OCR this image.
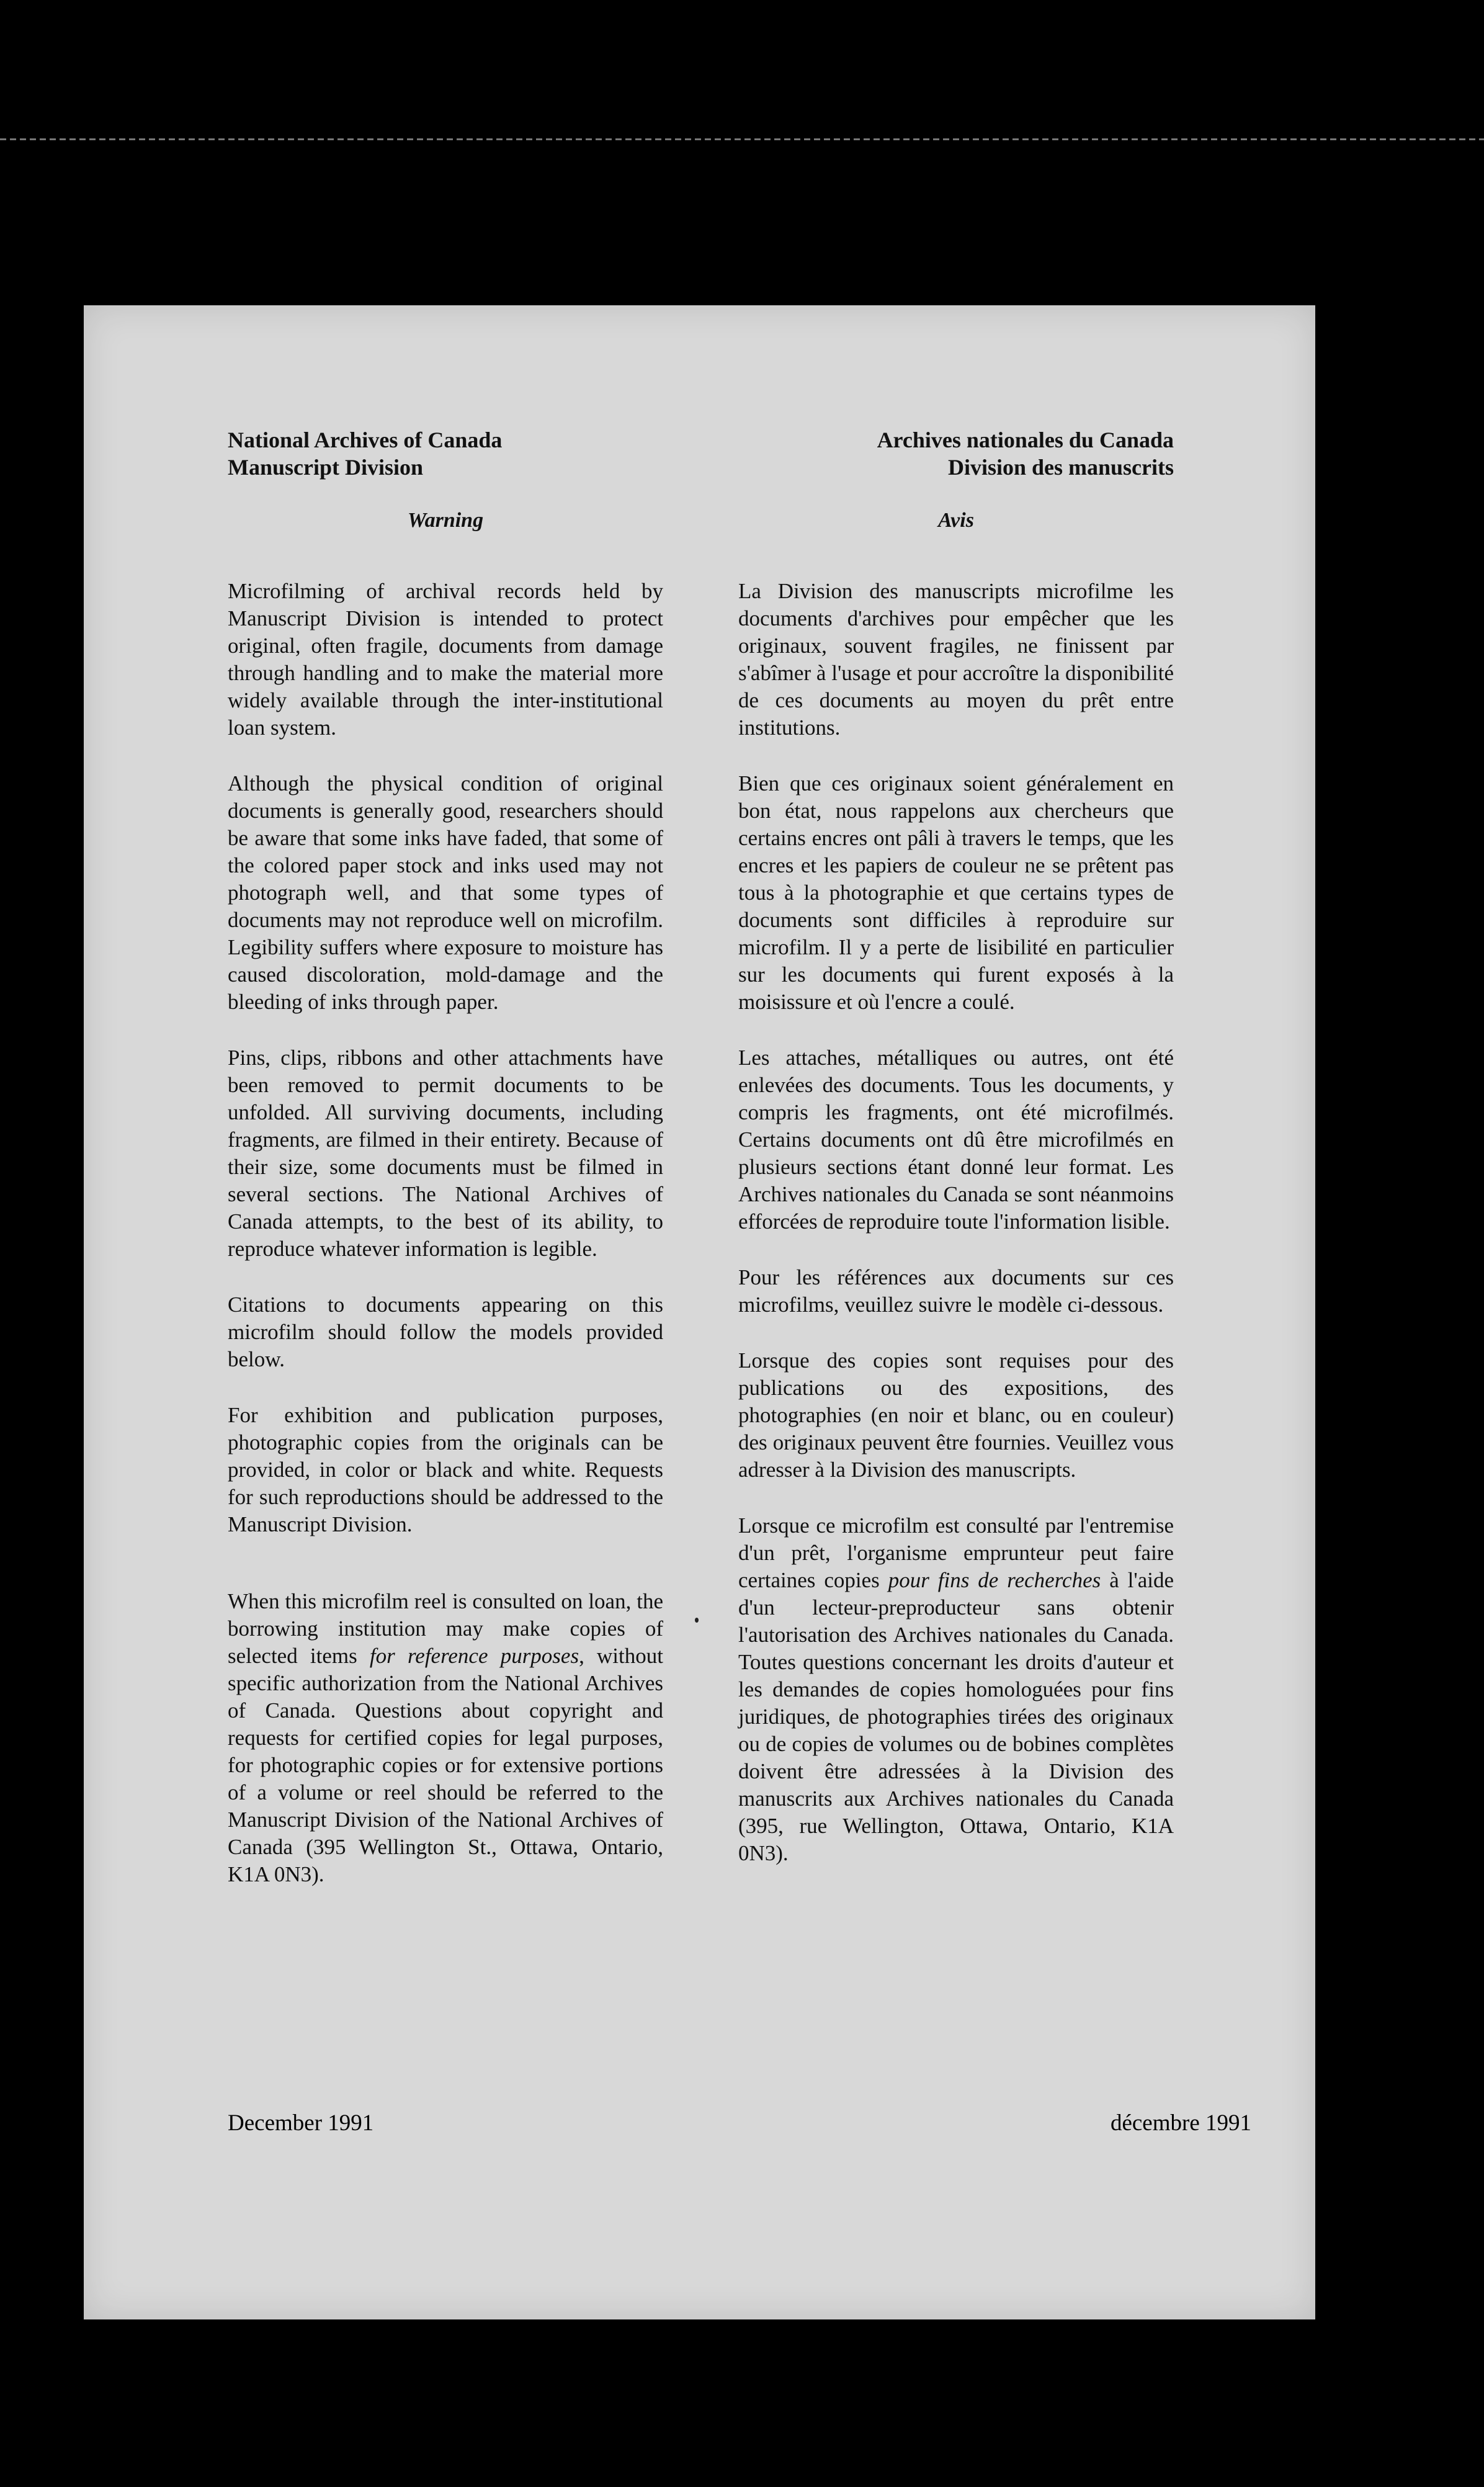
National Archives of Canada
Manuscript Division
Warning

Microfilming of archival records held by Manuscript Division is intended to protect original, often fragile, documents from damage through handling and to make the material more widely available through the inter-institutional loan system.

Although the physical condition of original documents is generally good, researchers should be aware that some inks have faded, that some of the colored paper stock and inks used may not photograph well, and that some types of documents may not reproduce well on microfilm. Legibility suffers where exposure to moisture has caused discoloration, mold-damage and the bleeding of inks through paper.

Pins, clips, ribbons and other attachments have been removed to permit documents to be unfolded. All surviving documents, including fragments, are filmed in their entirety. Because of their size, some documents must be filmed in several sections. The National Archives of Canada attempts, to the best of its ability, to reproduce whatever information is legible.

Citations to documents appearing on this microfilm should follow the models provided below.

For exhibition and publication purposes, photographic copies from the originals can be provided, in color or black and white. Requests for such reproductions should be addressed to the Manuscript Division.

When this microfilm reel is consulted on loan, the borrowing institution may make copies of selected items for reference purposes, without specific authorization from the National Archives of Canada. Questions about copyright and requests for certified copies for legal purposes, for photographic copies or for extensive portions of a volume or reel should be referred to the Manuscript Division of the National Archives of Canada (395 Wellington St., Ottawa, Ontario, K1A 0N3).

Archives nationales du Canada
Division des manuscrits
Avis

La Division des manuscripts microfilme les documents d'archives pour empêcher que les originaux, souvent fragiles, ne finissent par s'abîmer à l'usage et pour accroître la disponibilité de ces documents au moyen du prêt entre institutions.

Bien que ces originaux soient généralement en bon état, nous rappelons aux chercheurs que certains encres ont pâli à travers le temps, que les encres et les papiers de couleur ne se prêtent pas tous à la photographie et que certains types de documents sont difficiles à reproduire sur microfilm. Il y a perte de lisibilité en particulier sur les documents qui furent exposés à la moisissure et où l'encre a coulé.

Les attaches, métalliques ou autres, ont été enlevées des documents. Tous les documents, y compris les fragments, ont été microfilmés. Certains documents ont dû être microfilmés en plusieurs sections étant donné leur format. Les Archives nationales du Canada se sont néanmoins efforcées de reproduire toute l'information lisible.

Pour les références aux documents sur ces microfilms, veuillez suivre le modèle ci-dessous.

Lorsque des copies sont requises pour des publications ou des expositions, des photographies (en noir et blanc, ou en couleur) des originaux peuvent être fournies. Veuillez vous adresser à la Division des manuscripts.

Lorsque ce microfilm est consulté par l'entremise d'un prêt, l'organisme emprunteur peut faire certaines copies pour fins de recherches à l'aide d'un lecteur-preproducteur sans obtenir l'autorisation des Archives nationales du Canada. Toutes questions concernant les droits d'auteur et les demandes de copies homologuées pour fins juridiques, de photographies tirées des originaux ou de copies de volumes ou de bobines complètes doivent être adressées à la Division des manuscrits aux Archives nationales du Canada (395, rue Wellington, Ottawa, Ontario, K1A 0N3).

December 1991	décembre 1991
